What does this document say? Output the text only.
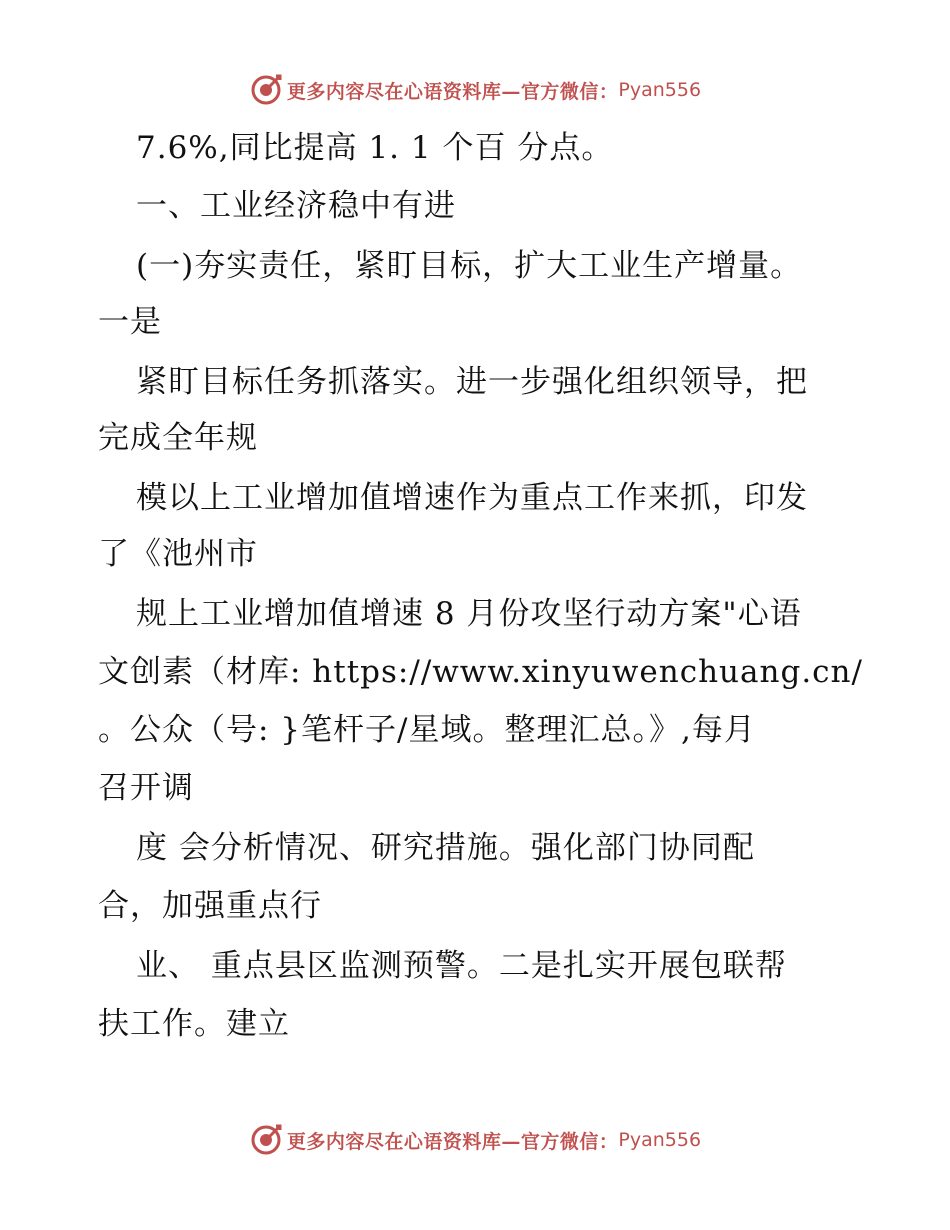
更多内容尽在心语资料库—官方微信： Pyan556
7.6%,同比提高 1. 1 个百 分点。
一、工业经济稳中有进
(一)夯实责任，紧盯目标，扩大工业生产增量。
一是
紧盯目标任务抓落实。进一步强化组织领导，把
完成全年规
模以上工业增加值增速作为重点工作来抓，印发
了《池州市
规上工业增加值增速 8 月份攻坚行动方案"心语
文创素（材库: https://www.xinyuwenchuang.cn/
。公众（号: }笔杆子/星域。整理汇总。》,每月
召开调
度 会分析情况、研究措施。强化部门协同配
合，加强重点行
业、 重点县区监测预警。二是扎实开展包联帮
扶工作。建立
更多内容尽在心语资料库—官方微信： Pyan556
